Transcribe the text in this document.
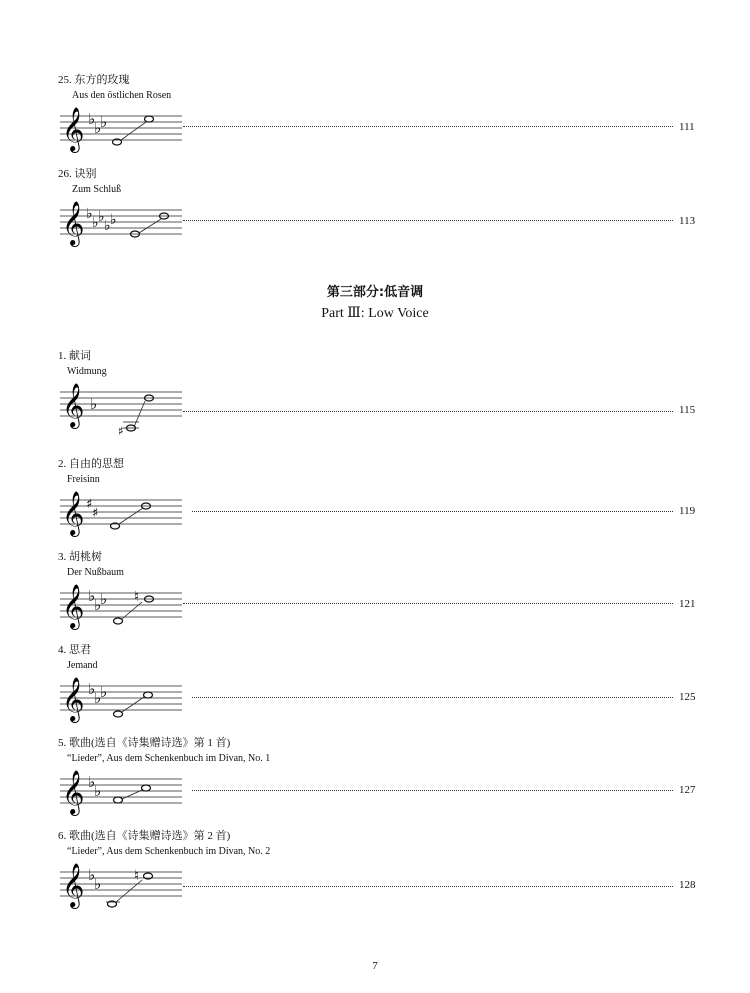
25. 东方的玫瑰
Aus den östlichen Rosen
𝄞 ♭
♭
♭	111
26. 诀别
Zum Schluß
𝄞 ♭
♭ ♭
♭ ♭	113
第三部分:低音调
Part Ⅲ: Low Voice
1. 献词
Widmung
𝄞 ♭
♯
115
2. 自由的思想
Freisinn
𝄞 ♯
♯	119
3. 胡桃树
Der Nußbaum
𝄞 ♭
♭
♭ ♮	121
4. 思君
Jemand
𝄞 ♭
♭
♭	125
5. 歌曲(选自《诗集赠诗选》第 1 首)
“Lieder”, Aus dem Schenkenbuch im Divan, No. 1
𝄞 ♭
♭	127
6. 歌曲(选自《诗集赠诗选》第 2 首)
“Lieder”, Aus dem Schenkenbuch im Divan, No. 2
𝄞 ♭
♭ ♮
128
7
